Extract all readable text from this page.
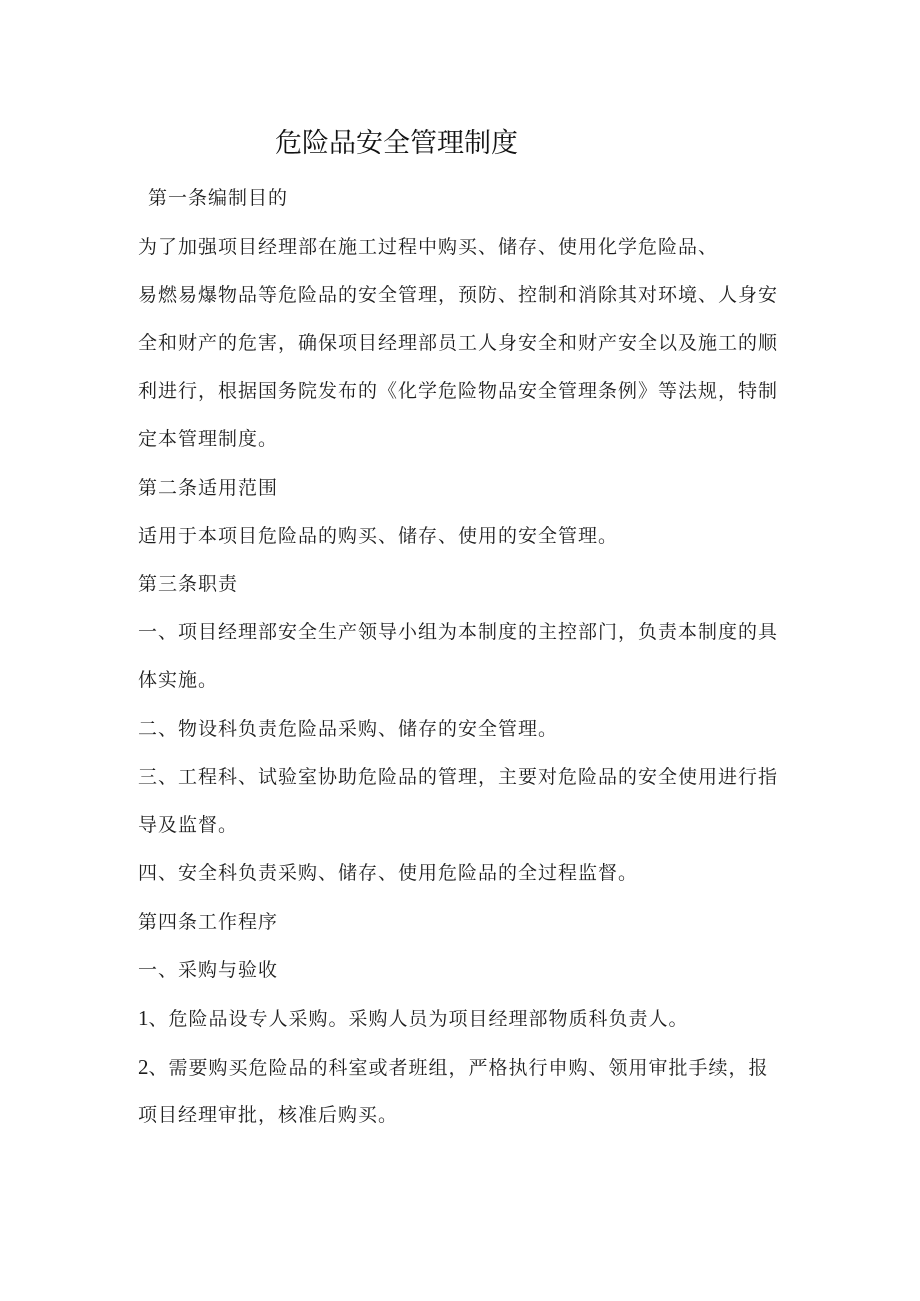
危险品安全管理制度
第一条编制目的
为了加强项目经理部在施工过程中购买、储存、使用化学危险品、
易燃易爆物品等危险品的安全管理，预防、控制和消除其对环境、人身安
全和财产的危害，确保项目经理部员工人身安全和财产安全以及施工的顺
利进行，根据国务院发布的《化学危险物品安全管理条例》等法规，特制
定本管理制度。
第二条适用范围
适用于本项目危险品的购买、储存、使用的安全管理。
第三条职责
一、项目经理部安全生产领导小组为本制度的主控部门，负责本制度的具
体实施。
二、物设科负责危险品采购、储存的安全管理。
三、工程科、试验室协助危险品的管理，主要对危险品的安全使用进行指
导及监督。
四、安全科负责采购、储存、使用危险品的全过程监督。
第四条工作程序
一、采购与验收
1、危险品设专人采购。采购人员为项目经理部物质科负责人。
2、需要购买危险品的科室或者班组，严格执行申购、领用审批手续，报
项目经理审批，核准后购买。
